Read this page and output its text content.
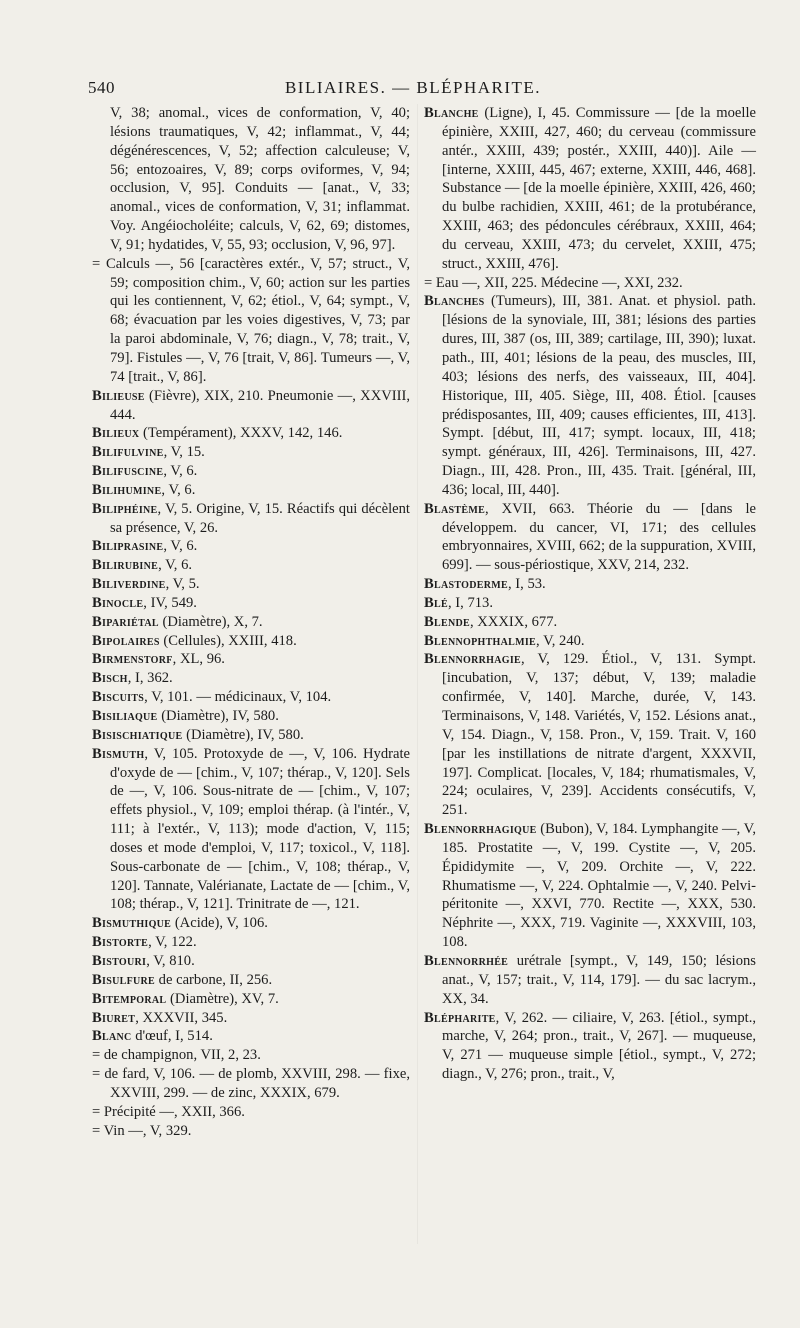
540	BILIAIRES. — BLÉPHARITE.

V, 38; anomal., vices de conformation, V, 40; lésions traumatiques, V, 42; inflammat., V, 44; dégénérescences, V, 52; affection calculeuse; V, 56; entozoaires, V, 89; corps oviformes, V, 94; occlusion, V, 95]. Conduits — [anat., V, 33; anomal., vices de conformation, V, 31; inflammat. Voy. Angéiocholéite; calculs, V, 62, 69; distomes, V, 91; hydatides, V, 55, 93; occlusion, V, 96, 97].

= Calculs —, 56 [caractères extér., V, 57; struct., V, 59; composition chim., V, 60; action sur les parties qui les contiennent, V, 62; étiol., V, 64; sympt., V, 68; évacuation par les voies digestives, V, 73; par la paroi abdominale, V, 76; diagn., V, 78; trait., V, 79]. Fistules —, V, 76 [trait, V, 86]. Tumeurs —, V, 74 [trait., V, 86].

Bilieuse (Fièvre), XIX, 210. Pneumonie —, XXVIII, 444.

Bilieux (Tempérament), XXXV, 142, 146.

Bilifulvine, V, 15.

Bilifuscine, V, 6.

Bilihumine, V, 6.

Biliphéine, V, 5. Origine, V, 15. Réactifs qui décèlent sa présence, V, 26.

Biliprasine, V, 6.

Bilirubine, V, 6.

Biliverdine, V, 5.

Binocle, IV, 549.

Bipariétal (Diamètre), X, 7.

Bipolaires (Cellules), XXIII, 418.

Birmenstorf, XL, 96.

Bisch, I, 362.

Biscuits, V, 101. — médicinaux, V, 104.

Bisiliaque (Diamètre), IV, 580.

Bisischiatique (Diamètre), IV, 580.

Bismuth, V, 105. Protoxyde de —, V, 106. Hydrate d'oxyde de — [chim., V, 107; thérap., V, 120]. Sels de —, V, 106. Sous-nitrate de — [chim., V, 107; effets physiol., V, 109; emploi thérap. (à l'intér., V, 111; à l'extér., V, 113); mode d'action, V, 115; doses et mode d'emploi, V, 117; toxicol., V, 118]. Sous-carbonate de — [chim., V, 108; thérap., V, 120]. Tannate, Valérianate, Lactate de — [chim., V, 108; thérap., V, 121]. Trinitrate de —, 121.

Bismuthique (Acide), V, 106.

Bistorte, V, 122.

Bistouri, V, 810.

Bisulfure de carbone, II, 256.

Bitemporal (Diamètre), XV, 7.

Biuret, XXXVII, 345.

Blanc d'œuf, I, 514.

= de champignon, VII, 2, 23.

= de fard, V, 106. — de plomb, XXVIII, 298. — fixe, XXVIII, 299. — de zinc, XXXIX, 679.

= Précipité —, XXII, 366.

= Vin —, V, 329.

Blanche (Ligne), I, 45. Commissure — [de la moelle épinière, XXIII, 427, 460; du cerveau (commissure antér., XXIII, 439; postér., XXIII, 440)]. Aile — [interne, XXIII, 445, 467; externe, XXIII, 446, 468]. Substance — [de la moelle épinière, XXIII, 426, 460; du bulbe rachidien, XXIII, 461; de la protubérance, XXIII, 463; des pédoncules cérébraux, XXIII, 464; du cerveau, XXIII, 473; du cervelet, XXIII, 475; struct., XXIII, 476].

= Eau —, XII, 225. Médecine —, XXI, 232.

Blanches (Tumeurs), III, 381. Anat. et physiol. path. [lésions de la synoviale, III, 381; lésions des parties dures, III, 387 (os, III, 389; cartilage, III, 390); luxat. path., III, 401; lésions de la peau, des muscles, III, 403; lésions des nerfs, des vaisseaux, III, 404]. Historique, III, 405. Siège, III, 408. Étiol. [causes prédisposantes, III, 409; causes efficientes, III, 413]. Sympt. [début, III, 417; sympt. locaux, III, 418; sympt. généraux, III, 426]. Terminaisons, III, 427. Diagn., III, 428. Pron., III, 435. Trait. [général, III, 436; local, III, 440].

Blastème, XVII, 663. Théorie du — [dans le développem. du cancer, VI, 171; des cellules embryonnaires, XVIII, 662; de la suppuration, XVIII, 699]. — sous-périostique, XXV, 214, 232.

Blastoderme, I, 53.

Blé, I, 713.

Blende, XXXIX, 677.

Blennophthalmie, V, 240.

Blennorrhagie, V, 129. Étiol., V, 131. Sympt. [incubation, V, 137; début, V, 139; maladie confirmée, V, 140]. Marche, durée, V, 143. Terminaisons, V, 148. Variétés, V, 152. Lésions anat., V, 154. Diagn., V, 158. Pron., V, 159. Trait. V, 160 [par les instillations de nitrate d'argent, XXXVII, 197]. Complicat. [locales, V, 184; rhumatismales, V, 224; oculaires, V, 239]. Accidents consécutifs, V, 251.

Blennorrhagique (Bubon), V, 184. Lymphangite —, V, 185. Prostatite —, V, 199. Cystite —, V, 205. Épididymite —, V, 209. Orchite —, V, 222. Rhumatisme —, V, 224. Ophtalmie —, V, 240. Pelvi-péritonite —, XXVI, 770. Rectite —, XXX, 530. Néphrite —, XXX, 719. Vaginite —, XXXVIII, 103, 108.

Blennorrhée urétrale [sympt., V, 149, 150; lésions anat., V, 157; trait., V, 114, 179]. — du sac lacrym., XX, 34.

Blépharite, V, 262. — ciliaire, V, 263. [étiol., sympt., marche, V, 264; pron., trait., V, 267]. — muqueuse, V, 271 — muqueuse simple [étiol., sympt., V, 272; diagn., V, 276; pron., trait., V,
